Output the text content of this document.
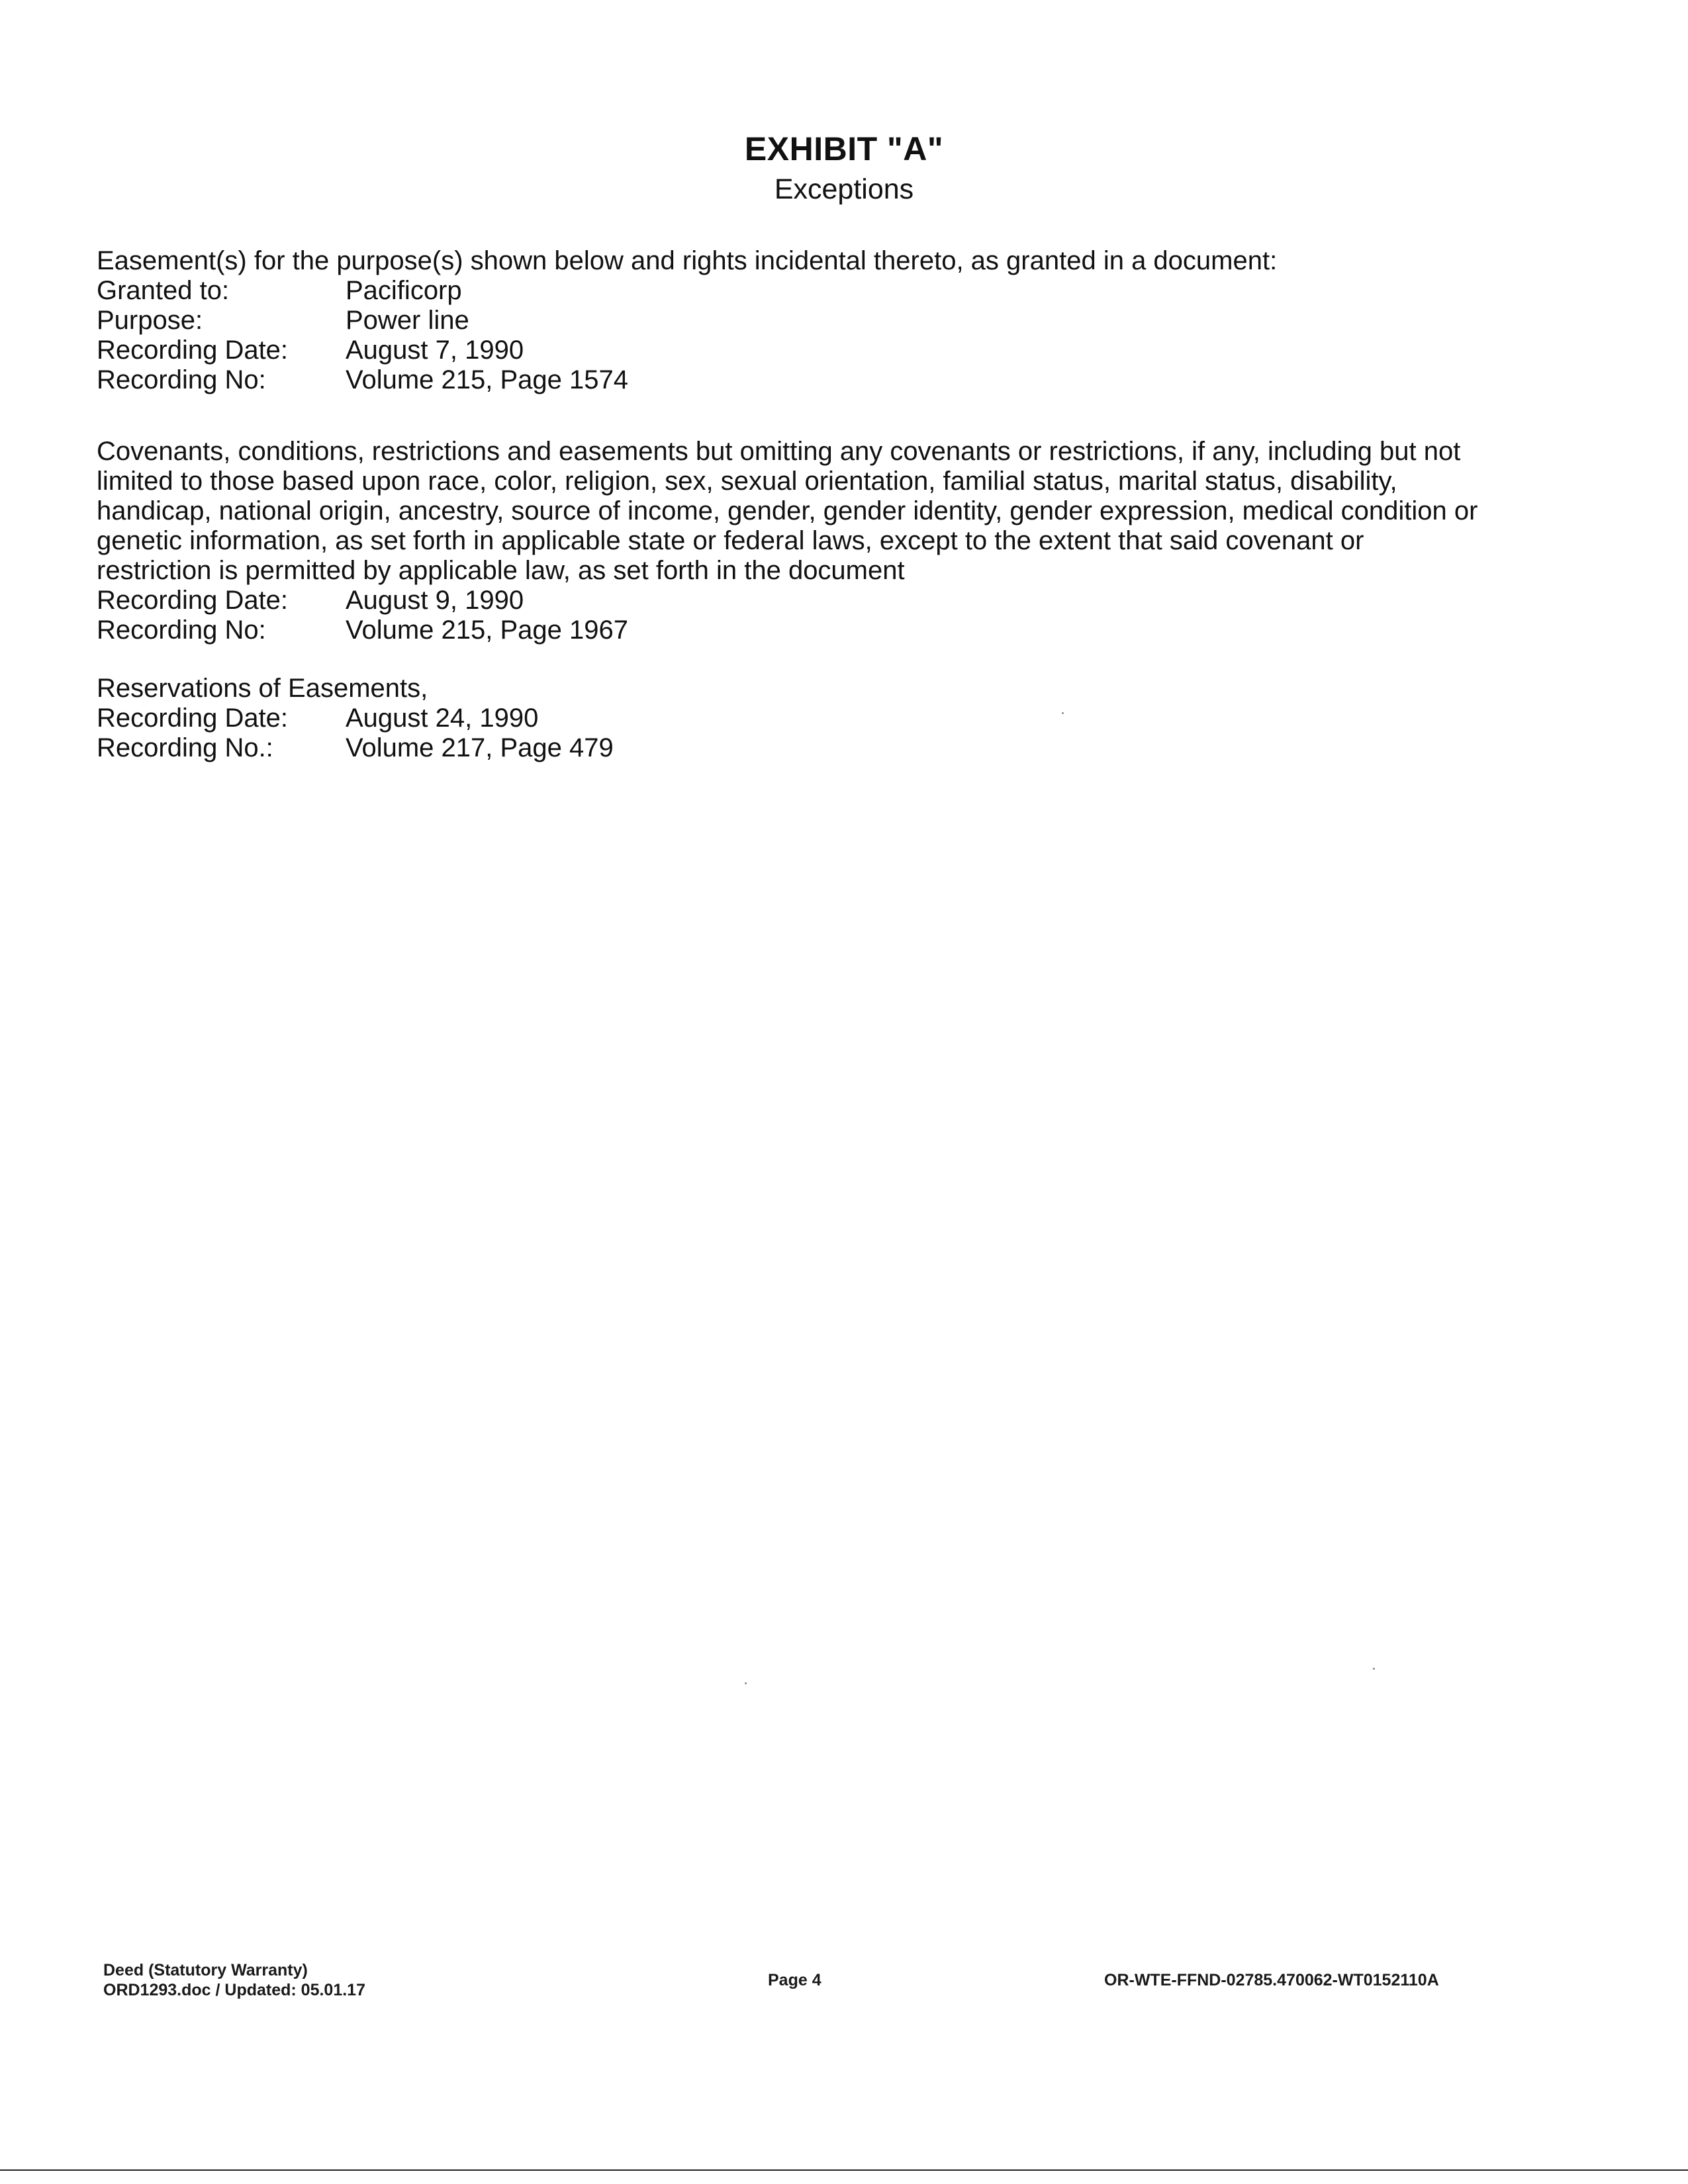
EXHIBIT "A"
Exceptions
Easement(s) for the purpose(s) shown below and rights incidental thereto, as granted in a document:
Granted to:	Pacificorp
Purpose:	Power line
Recording Date:	August 7, 1990
Recording No:	Volume 215, Page 1574
Covenants, conditions, restrictions and easements but omitting any covenants or restrictions, if any, including but not limited to those based upon race, color, religion, sex, sexual orientation, familial status, marital status, disability, handicap, national origin, ancestry, source of income, gender, gender identity, gender expression, medical condition or genetic information, as set forth in applicable state or federal laws, except to the extent that said covenant or restriction is permitted by applicable law, as set forth in the document
Recording Date:	August 9, 1990
Recording No:	Volume 215, Page 1967
Reservations of Easements,
Recording Date:	August 24, 1990
Recording No.:	Volume 217, Page 479
Deed (Statutory Warranty)
ORD1293.doc / Updated: 05.01.17
Page 4	OR-WTE-FFND-02785.470062-WT0152110A
